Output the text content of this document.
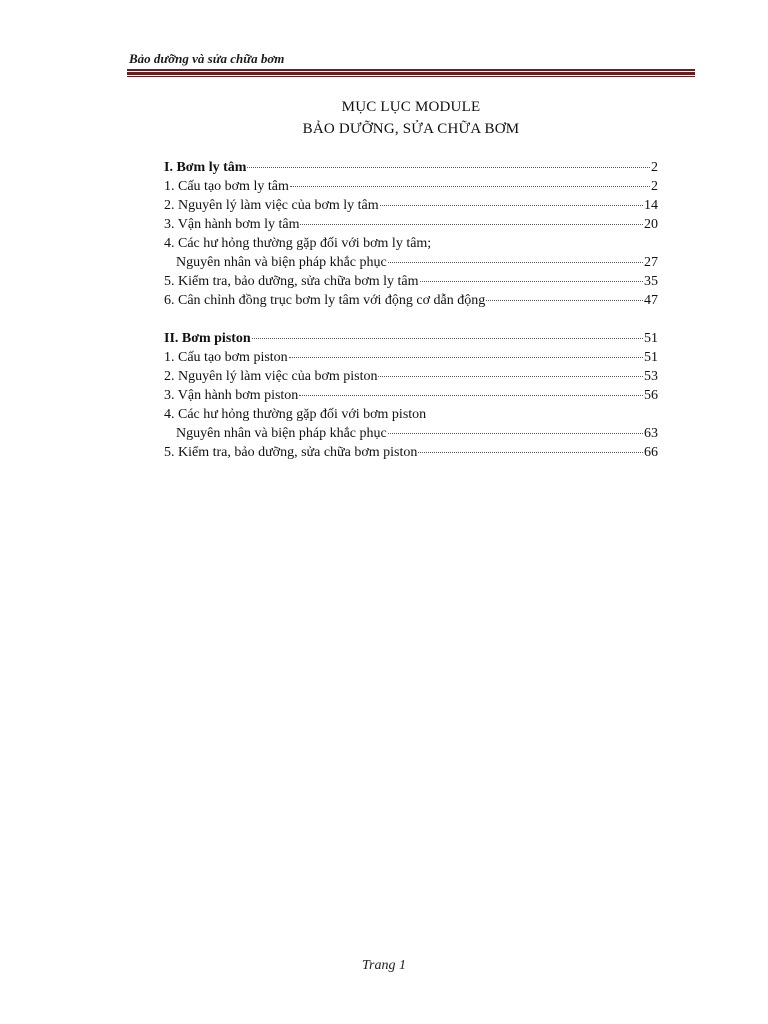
Bảo dưỡng và sửa chữa bơm
MỤC LỤC MODULE
BẢO DƯỠNG, SỬA CHỮA BƠM
I. Bơm ly tâm	2
1. Cấu tạo bơm ly tâm	2
2. Nguyên lý làm việc của bơm ly tâm	14
3. Vận hành bơm ly tâm	20
4. Các hư hỏng thường gặp đối với bơm ly tâm;
Nguyên nhân và biện pháp khắc phục	27
5. Kiểm tra, bảo dưỡng, sửa chữa bơm ly tâm	35
6. Cân chỉnh đồng trục bơm ly tâm với động cơ dẫn động	47
II. Bơm piston	51
1. Cấu tạo bơm piston	51
2. Nguyên lý làm việc của bơm piston	53
3. Vận hành bơm piston	56
4. Các hư hỏng thường gặp đối với bơm piston
Nguyên nhân và biện pháp khắc phục	63
5. Kiểm tra, bảo dưỡng, sửa chữa bơm piston	66
Trang 1
